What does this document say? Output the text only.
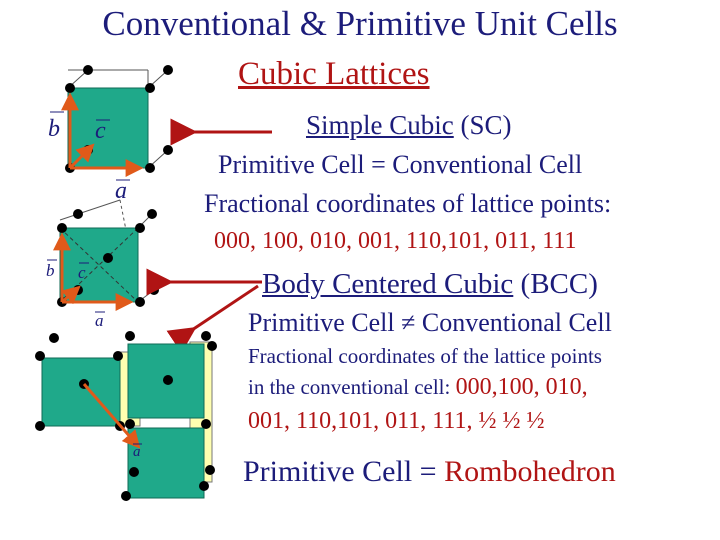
Conventional & Primitive Unit Cells
Cubic Lattices
Simple Cubic (SC)
Primitive Cell = Conventional Cell
Fractional coordinates of lattice points:
000, 100, 010, 001, 110,101, 011, 111
Body Centered Cubic (BCC)
Primitive Cell ≠ Conventional Cell
Fractional coordinates of the lattice points
in the conventional cell: 000,100, 010,
001, 110,101, 011, 111, ½ ½ ½
Primitive Cell = Rombohedron
b c
a
b c
a
a
